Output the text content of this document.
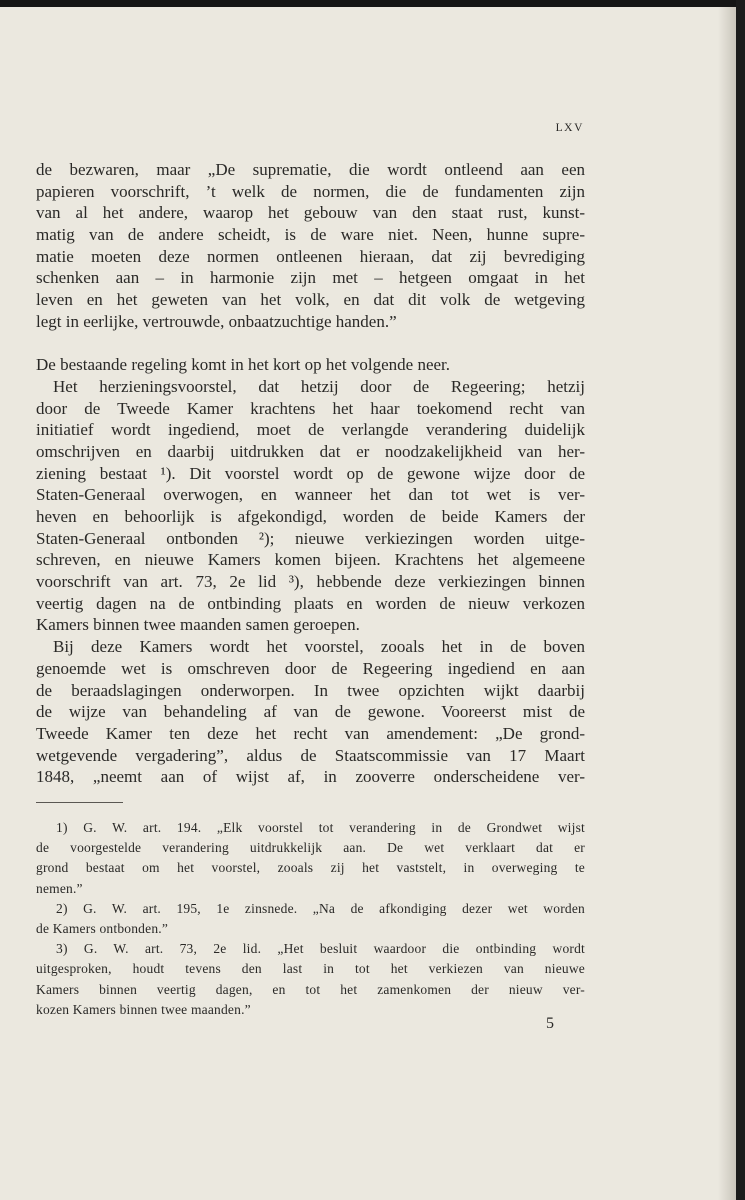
LXV
de bezwaren, maar „De suprematie, die wordt ontleend aan een
papieren voorschrift, ’t welk de normen, die de fundamenten zijn
van al het andere, waarop het gebouw van den staat rust, kunst-
matig van de andere scheidt, is de ware niet. Neen, hunne supre-
matie moeten deze normen ontleenen hieraan, dat zij bevrediging
schenken aan – in harmonie zijn met – hetgeen omgaat in het
leven en het geweten van het volk, en dat dit volk de wetgeving
legt in eerlijke, vertrouwde, onbaatzuchtige handen.”
De bestaande regeling komt in het kort op het volgende neer.
Het herzieningsvoorstel, dat hetzij door de Regeering; hetzij
door de Tweede Kamer krachtens het haar toekomend recht van
initiatief wordt ingediend, moet de verlangde verandering duidelijk
omschrijven en daarbij uitdrukken dat er noodzakelijkheid van her-
ziening bestaat ¹). Dit voorstel wordt op de gewone wijze door de
Staten-Generaal overwogen, en wanneer het dan tot wet is ver-
heven en behoorlijk is afgekondigd, worden de beide Kamers der
Staten-Generaal ontbonden ²); nieuwe verkiezingen worden uitge-
schreven, en nieuwe Kamers komen bijeen. Krachtens het algemeene
voorschrift van art. 73, 2e lid ³), hebbende deze verkiezingen binnen
veertig dagen na de ontbinding plaats en worden de nieuw verkozen
Kamers binnen twee maanden samen geroepen.
Bij deze Kamers wordt het voorstel, zooals het in de boven
genoemde wet is omschreven door de Regeering ingediend en aan
de beraadslagingen onderworpen. In twee opzichten wijkt daarbij
de wijze van behandeling af van de gewone. Vooreerst mist de
Tweede Kamer ten deze het recht van amendement: „De grond-
wetgevende vergadering”, aldus de Staatscommissie van 17 Maart
1848, „neemt aan of wijst af, in zooverre onderscheidene ver-
1) G. W. art. 194. „Elk voorstel tot verandering in de Grondwet wijst
de voorgestelde verandering uitdrukkelijk aan. De wet verklaart dat er
grond bestaat om het voorstel, zooals zij het vaststelt, in overweging te
nemen.”
2) G. W. art. 195, 1e zinsnede. „Na de afkondiging dezer wet worden
de Kamers ontbonden.”
3) G. W. art. 73, 2e lid. „Het besluit waardoor die ontbinding wordt
uitgesproken, houdt tevens den last in tot het verkiezen van nieuwe
Kamers binnen veertig dagen, en tot het zamenkomen der nieuw ver-
kozen Kamers binnen twee maanden.”
5
